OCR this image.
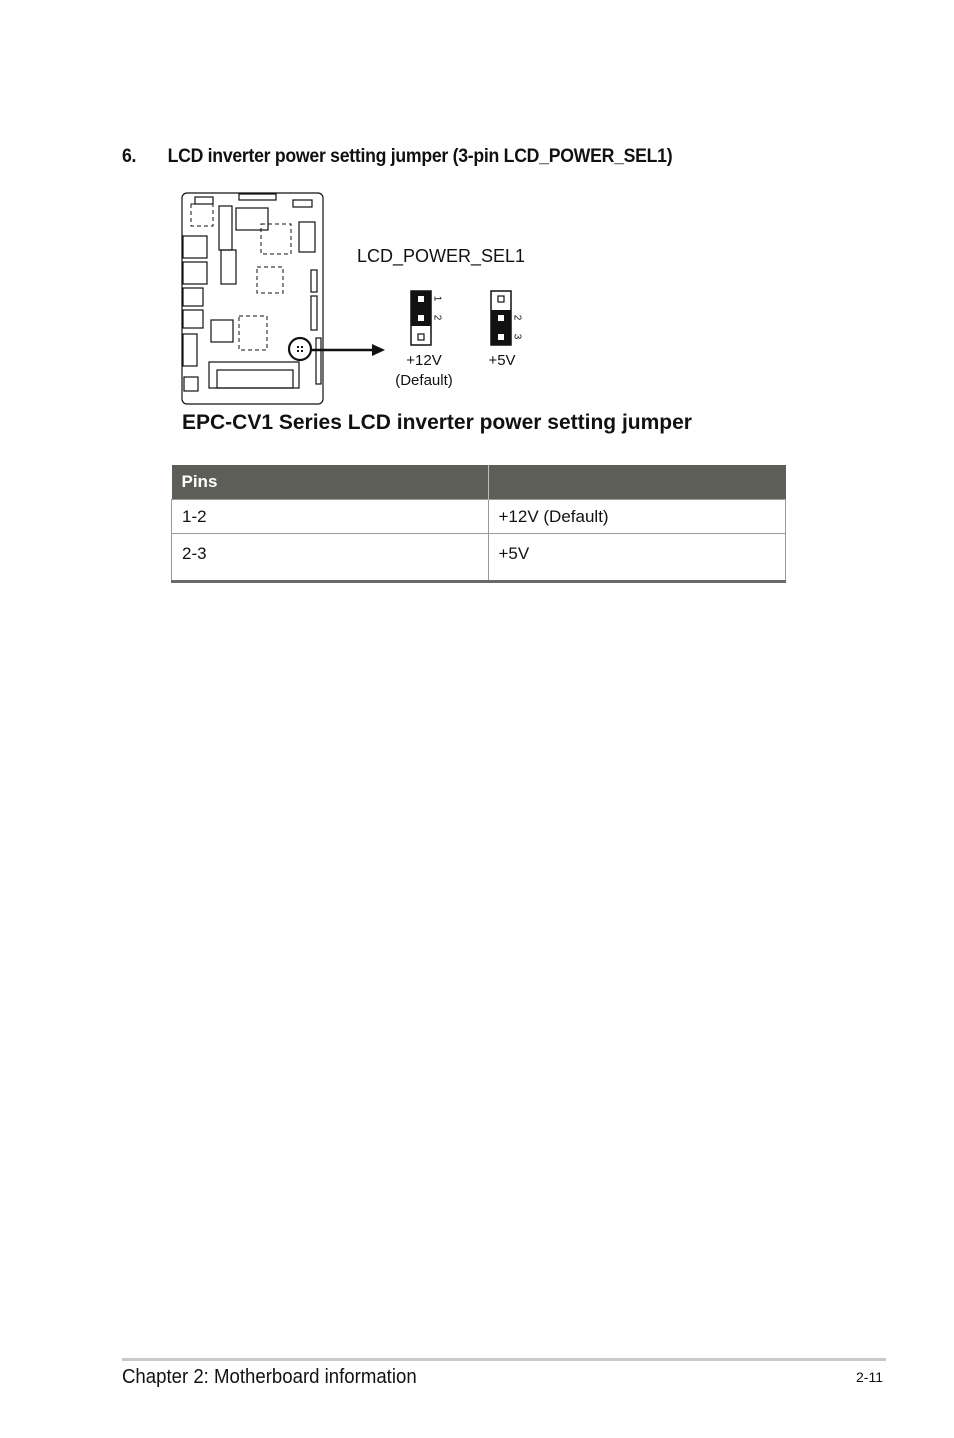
6. LCD inverter power setting jumper (3-pin LCD_POWER_SEL1)
LCD_POWER_SEL1
1
2	2
3
+12V
(Default)
+5V
EPC-CV1 Series LCD inverter power setting jumper
Pins	
1-2	+12V (Default)
2-3	+5V
Chapter 2: Motherboard information	2-11
